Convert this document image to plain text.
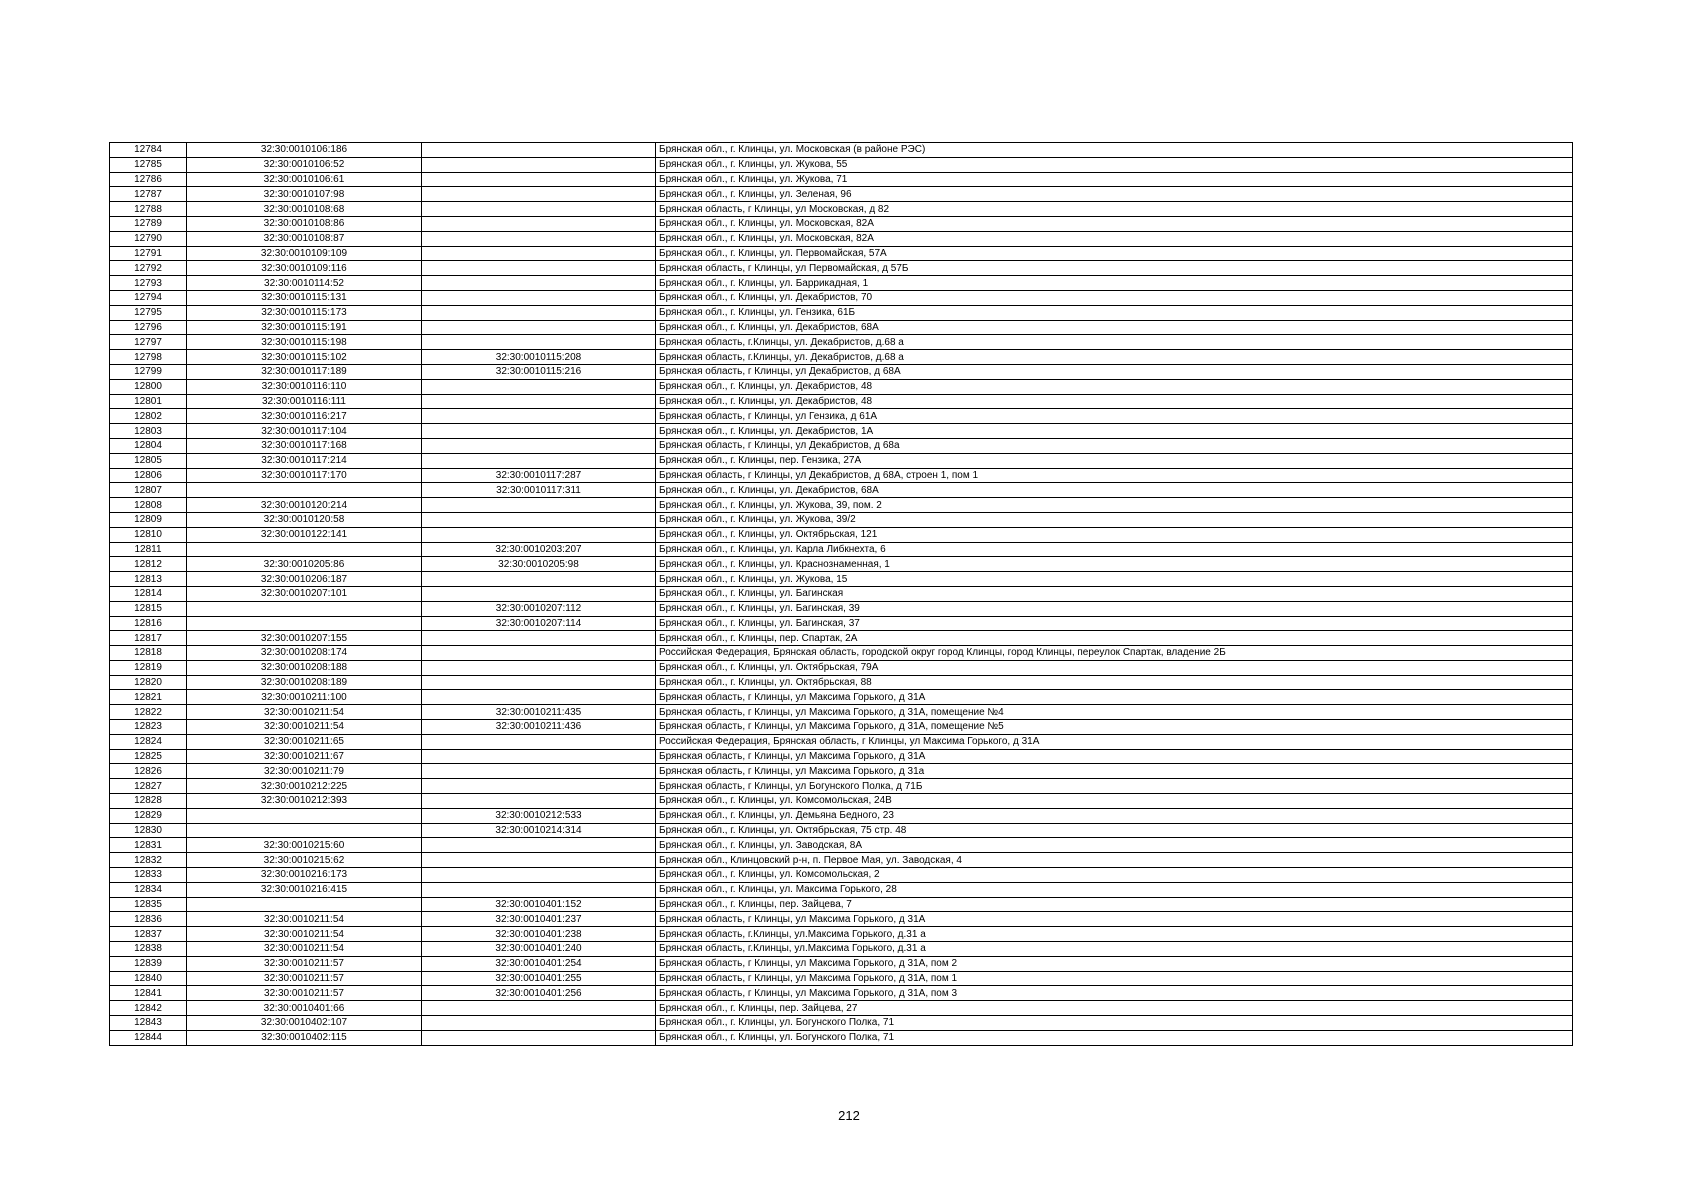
12784	32:30:0010106:186		Брянская обл., г. Клинцы, ул. Московская (в районе РЭС)
12785	32:30:0010106:52		Брянская обл., г. Клинцы, ул. Жукова, 55
12786	32:30:0010106:61		Брянская обл., г. Клинцы, ул. Жукова, 71
12787	32:30:0010107:98		Брянская обл., г. Клинцы, ул. Зеленая, 96
12788	32:30:0010108:68		Брянская область, г Клинцы, ул Московская, д 82
12789	32:30:0010108:86		Брянская обл., г. Клинцы, ул. Московская, 82А
12790	32:30:0010108:87		Брянская обл., г. Клинцы, ул. Московская, 82А
12791	32:30:0010109:109		Брянская обл., г. Клинцы, ул. Первомайская, 57А
12792	32:30:0010109:116		Брянская область, г Клинцы, ул Первомайская, д 57Б
12793	32:30:0010114:52		Брянская обл., г. Клинцы, ул. Баррикадная, 1
12794	32:30:0010115:131		Брянская обл., г. Клинцы, ул. Декабристов, 70
12795	32:30:0010115:173		Брянская обл., г. Клинцы, ул. Гензика, 61Б
12796	32:30:0010115:191		Брянская обл., г. Клинцы, ул. Декабристов, 68А
12797	32:30:0010115:198		Брянская область, г.Клинцы, ул. Декабристов, д.68 а
12798	32:30:0010115:102	32:30:0010115:208	Брянская область, г.Клинцы, ул. Декабристов, д.68 а
12799	32:30:0010117:189	32:30:0010115:216	Брянская область, г Клинцы, ул Декабристов, д 68А
12800	32:30:0010116:110		Брянская обл., г. Клинцы, ул. Декабристов, 48
12801	32:30:0010116:111		Брянская обл., г. Клинцы, ул. Декабристов, 48
12802	32:30:0010116:217		Брянская область, г Клинцы, ул Гензика, д 61А
12803	32:30:0010117:104		Брянская обл., г. Клинцы, ул. Декабристов, 1А
12804	32:30:0010117:168		Брянская область, г Клинцы, ул Декабристов, д 68а
12805	32:30:0010117:214		Брянская обл., г. Клинцы, пер. Гензика, 27А
12806	32:30:0010117:170	32:30:0010117:287	Брянская область, г Клинцы, ул Декабристов, д 68А, строен 1, пом 1
12807		32:30:0010117:311	Брянская обл., г. Клинцы, ул. Декабристов, 68А
12808	32:30:0010120:214		Брянская обл., г. Клинцы, ул. Жукова, 39, пом. 2
12809	32:30:0010120:58		Брянская обл., г. Клинцы, ул. Жукова, 39/2
12810	32:30:0010122:141		Брянская обл., г. Клинцы, ул. Октябрьская, 121
12811		32:30:0010203:207	Брянская обл., г. Клинцы, ул. Карла Либкнехта, 6
12812	32:30:0010205:86	32:30:0010205:98	Брянская обл., г. Клинцы, ул. Краснознаменная, 1
12813	32:30:0010206:187		Брянская обл., г. Клинцы, ул. Жукова, 15
12814	32:30:0010207:101		Брянская обл., г. Клинцы, ул. Багинская
12815		32:30:0010207:112	Брянская обл., г. Клинцы, ул. Багинская, 39
12816		32:30:0010207:114	Брянская обл., г. Клинцы, ул. Багинская, 37
12817	32:30:0010207:155		Брянская обл., г. Клинцы, пер. Спартак, 2А
12818	32:30:0010208:174		Российская Федерация, Брянская область, городской округ город Клинцы, город Клинцы, переулок Спартак, владение 2Б
12819	32:30:0010208:188		Брянская обл., г. Клинцы, ул. Октябрьская, 79А
12820	32:30:0010208:189		Брянская обл., г. Клинцы, ул. Октябрьская, 88
12821	32:30:0010211:100		Брянская область, г Клинцы, ул Максима Горького, д 31А
12822	32:30:0010211:54	32:30:0010211:435	Брянская область, г Клинцы, ул Максима Горького, д 31А, помещение №4
12823	32:30:0010211:54	32:30:0010211:436	Брянская область, г Клинцы, ул Максима Горького, д 31А, помещение №5
12824	32:30:0010211:65		Российская Федерация, Брянская область, г Клинцы, ул Максима Горького, д 31А
12825	32:30:0010211:67		Брянская область, г Клинцы, ул Максима Горького, д 31А
12826	32:30:0010211:79		Брянская область, г Клинцы, ул Максима Горького, д 31а
12827	32:30:0010212:225		Брянская область, г Клинцы, ул Богунского Полка, д 71Б
12828	32:30:0010212:393		Брянская обл., г. Клинцы, ул. Комсомольская, 24В
12829		32:30:0010212:533	Брянская обл., г. Клинцы, ул. Демьяна Бедного, 23
12830		32:30:0010214:314	Брянская обл., г. Клинцы, ул. Октябрьская, 75 стр. 48
12831	32:30:0010215:60		Брянская обл., г. Клинцы, ул. Заводская, 8А
12832	32:30:0010215:62		Брянская обл., Клинцовский р-н, п. Первое Мая, ул. Заводская, 4
12833	32:30:0010216:173		Брянская обл., г. Клинцы, ул. Комсомольская, 2
12834	32:30:0010216:415		Брянская обл., г. Клинцы, ул. Максима Горького, 28
12835		32:30:0010401:152	Брянская обл., г. Клинцы, пер. Зайцева, 7
12836	32:30:0010211:54	32:30:0010401:237	Брянская область, г Клинцы, ул Максима Горького, д 31А
12837	32:30:0010211:54	32:30:0010401:238	Брянская область, г.Клинцы, ул.Максима Горького, д.31 а
12838	32:30:0010211:54	32:30:0010401:240	Брянская область, г.Клинцы, ул.Максима Горького, д.31 а
12839	32:30:0010211:57	32:30:0010401:254	Брянская область, г Клинцы, ул Максима Горького, д 31А, пом 2
12840	32:30:0010211:57	32:30:0010401:255	Брянская область, г Клинцы, ул Максима Горького, д 31А, пом 1
12841	32:30:0010211:57	32:30:0010401:256	Брянская область, г Клинцы, ул Максима Горького, д 31А, пом 3
12842	32:30:0010401:66		Брянская обл., г. Клинцы, пер. Зайцева, 27
12843	32:30:0010402:107		Брянская обл., г. Клинцы, ул. Богунского Полка, 71
12844	32:30:0010402:115		Брянская обл., г. Клинцы, ул. Богунского Полка, 71
212
